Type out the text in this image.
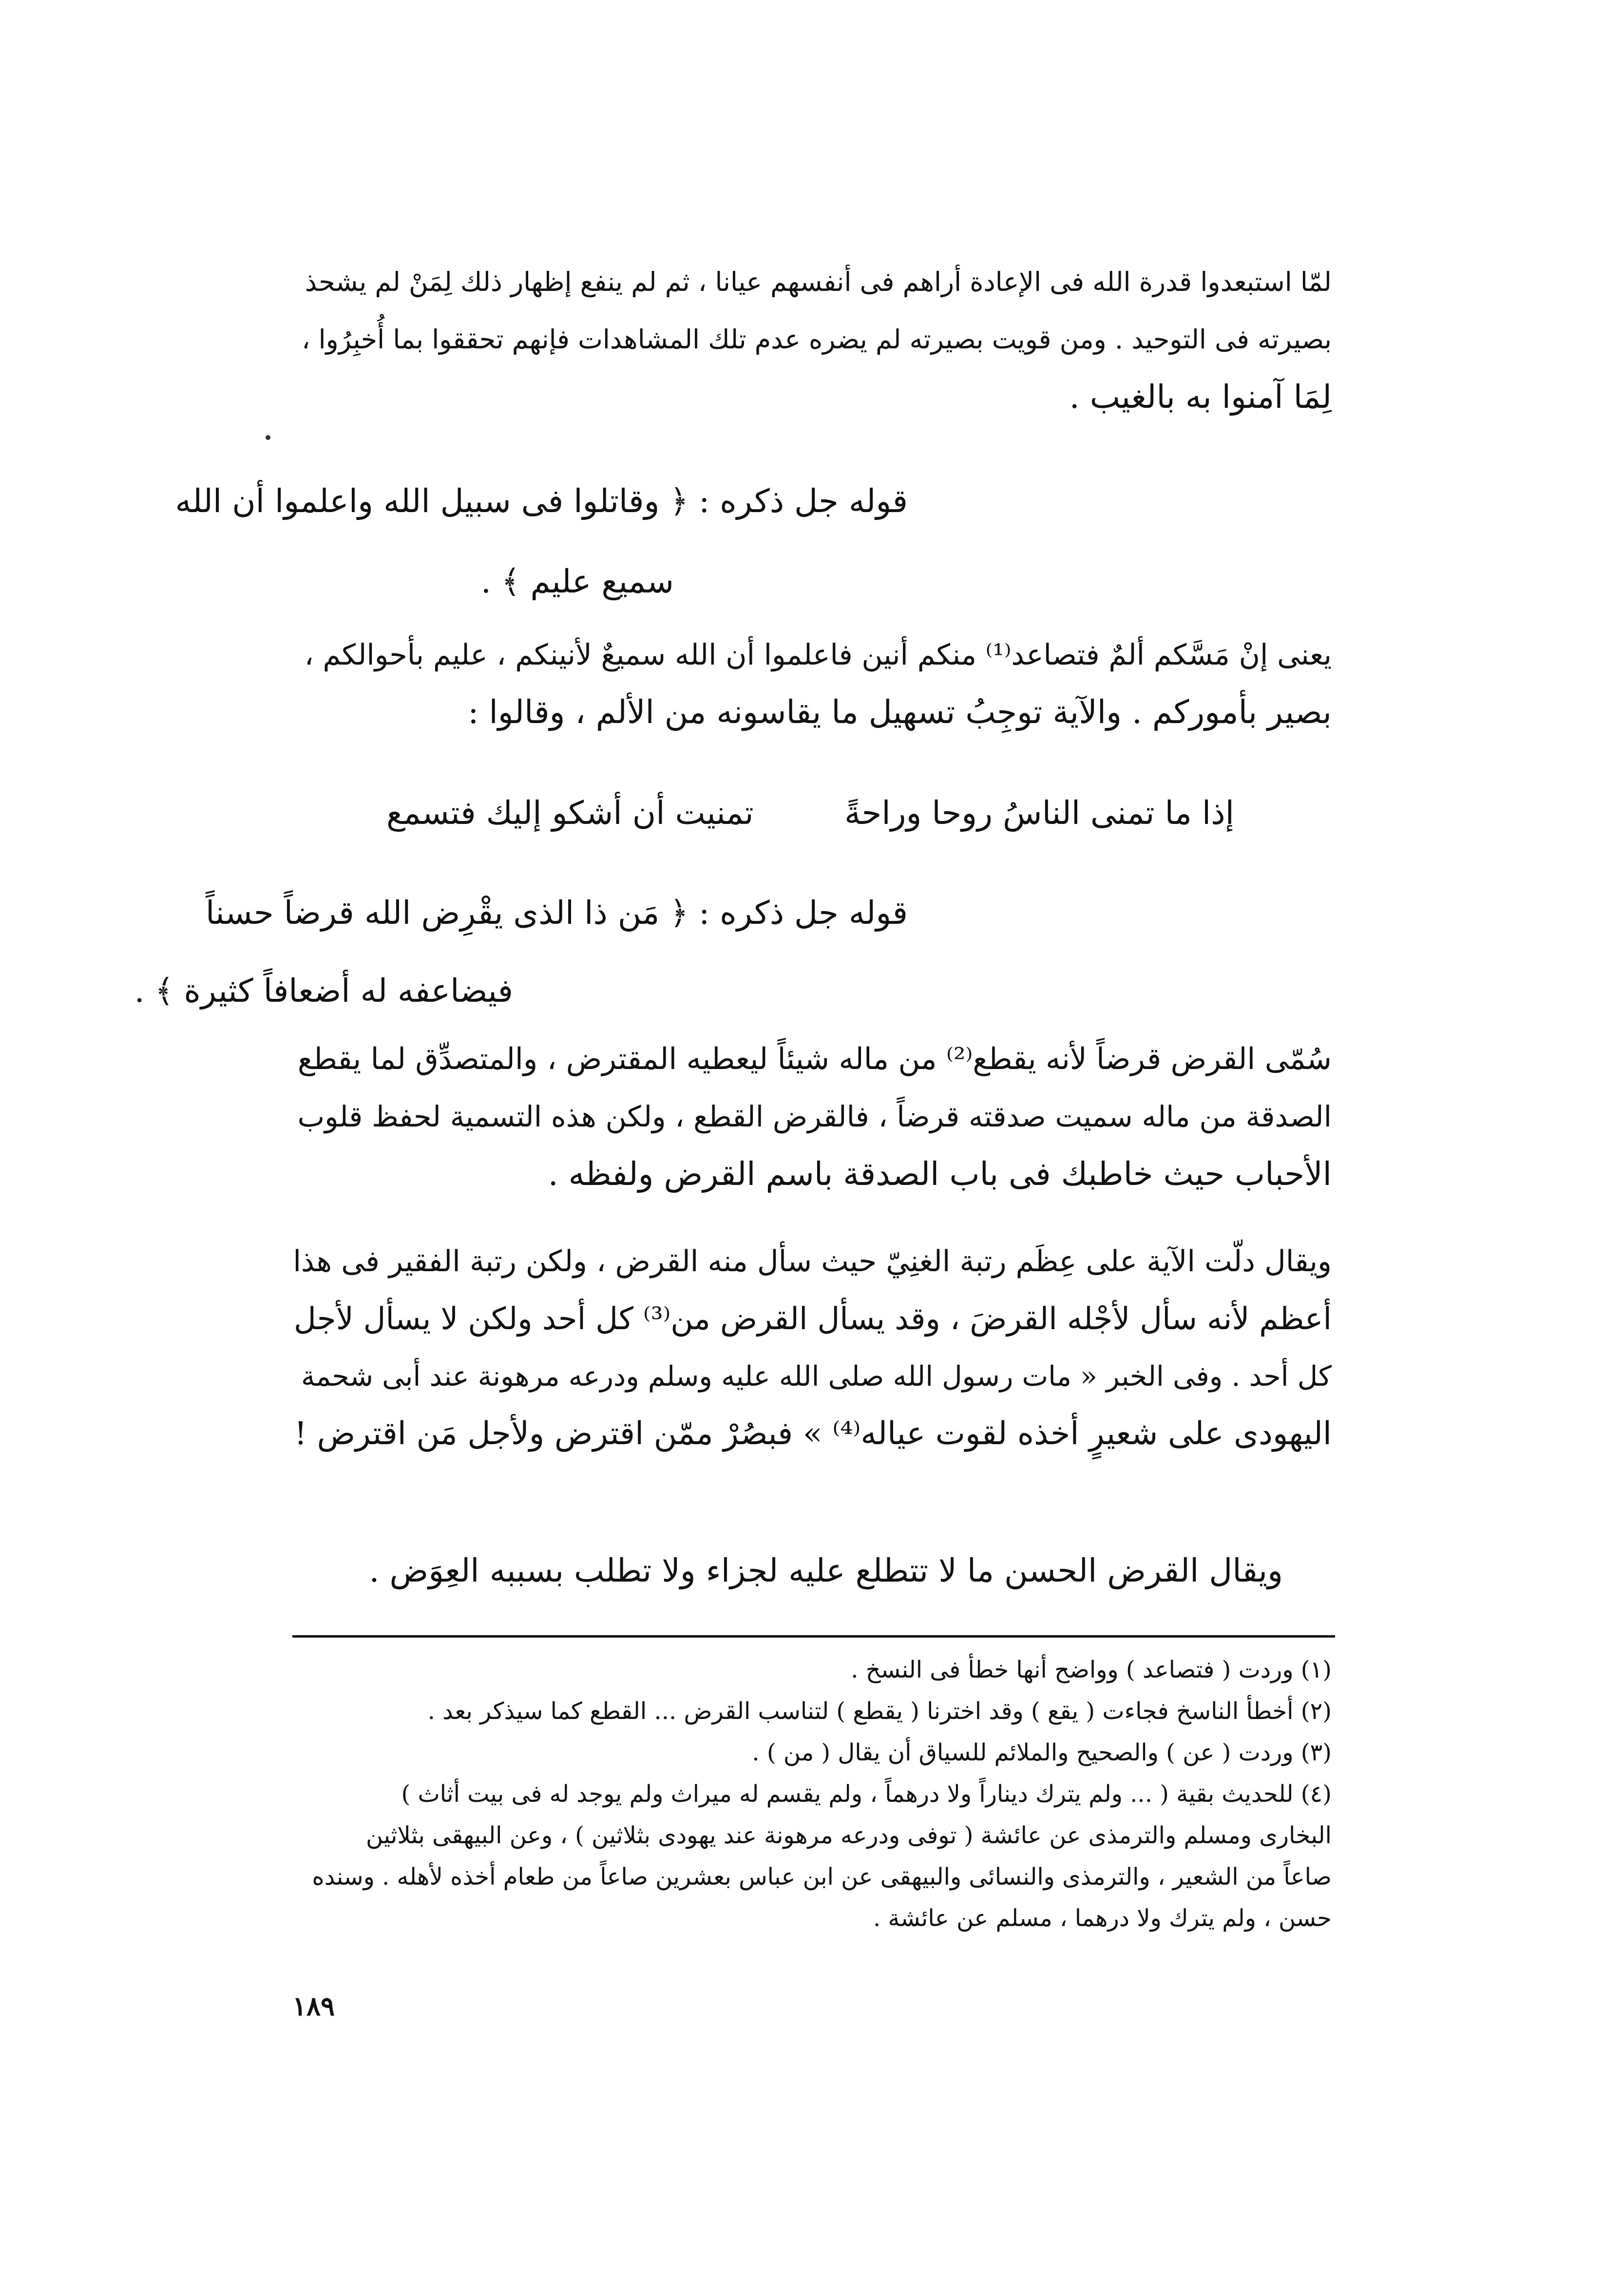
لمّا استبعدوا قدرة الله فى الإعادة أراهم فى أنفسهم عيانا ، ثم لم ينفع إظهار ذلك لِمَنْ لم يشحذ
بصيرته فى التوحيد . ومن قويت بصيرته لم يضره عدم تلك المشاهدات فإنهم تحققوا بما أُخبِرُوا ،
لِمَا آمنوا به بالغيب .
قوله جل ذكره : ﴿ وقاتلوا فى سبيل الله واعلموا أن الله
سميع عليم ﴾ .
يعنى إنْ مَسَّكم ألمٌ فتصاعد⁽¹⁾ منكم أنين فاعلموا أن الله سميعٌ لأنينكم ، عليم بأحوالكم ،
بصير بأموركم . والآية توجِبُ تسهيل ما يقاسونه من الألم ، وقالوا :
إذا ما تمنى الناسُ روحا وراحةً
تمنيت أن أشكو إليك فتسمع
قوله جل ذكره : ﴿ مَن ذا الذى يقْرِض الله قرضاً حسناً
فيضاعفه له أضعافاً كثيرة ﴾ .
سُمّى القرض قرضاً لأنه يقطع⁽²⁾ من ماله شيئاً ليعطيه المقترض ، والمتصدِّق لما يقطع
الصدقة من ماله سميت صدقته قرضاً ، فالقرض القطع ، ولكن هذه التسمية لحفظ قلوب
الأحباب حيث خاطبك فى باب الصدقة باسم القرض ولفظه .
ويقال دلّت الآية على عِظَم رتبة الغنِيّ حيث سأل منه القرض ، ولكن رتبة الفقير فى هذا
أعظم لأنه سأل لأجْله القرضَ ، وقد يسأل القرض من⁽³⁾ كل أحد ولكن لا يسأل لأجل
كل أحد . وفى الخبر « مات رسول الله صلى الله عليه وسلم ودرعه مرهونة عند أبى شحمة
اليهودى على شعيرٍ أخذه لقوت عياله⁽⁴⁾ » فبصُرْ ممّن اقترض ولأجل مَن اقترض !
ويقال القرض الحسن ما لا تتطلع عليه لجزاء ولا تطلب بسببه العِوَض .
(١) وردت ( فتصاعد ) وواضح أنها خطأ فى النسخ .
(٢) أخطأ الناسخ فجاءت ( يقع ) وقد اخترنا ( يقطع ) لتناسب القرض ... القطع كما سيذكر بعد .
(٣) وردت ( عن ) والصحيح والملائم للسياق أن يقال ( من ) .
(٤) للحديث بقية ( ... ولم يترك ديناراً ولا درهماً ، ولم يقسم له ميراث ولم يوجد له فى بيت أثاث )
البخارى ومسلم والترمذى عن عائشة ( توفى ودرعه مرهونة عند يهودى بثلاثين ) ، وعن البيهقى بثلاثين
صاعاً من الشعير ، والترمذى والنسائى والبيهقى عن ابن عباس بعشرين صاعاً من طعام أخذه لأهله . وسنده
حسن ، ولم يترك ولا درهما ، مسلم عن عائشة .
١٨٩
